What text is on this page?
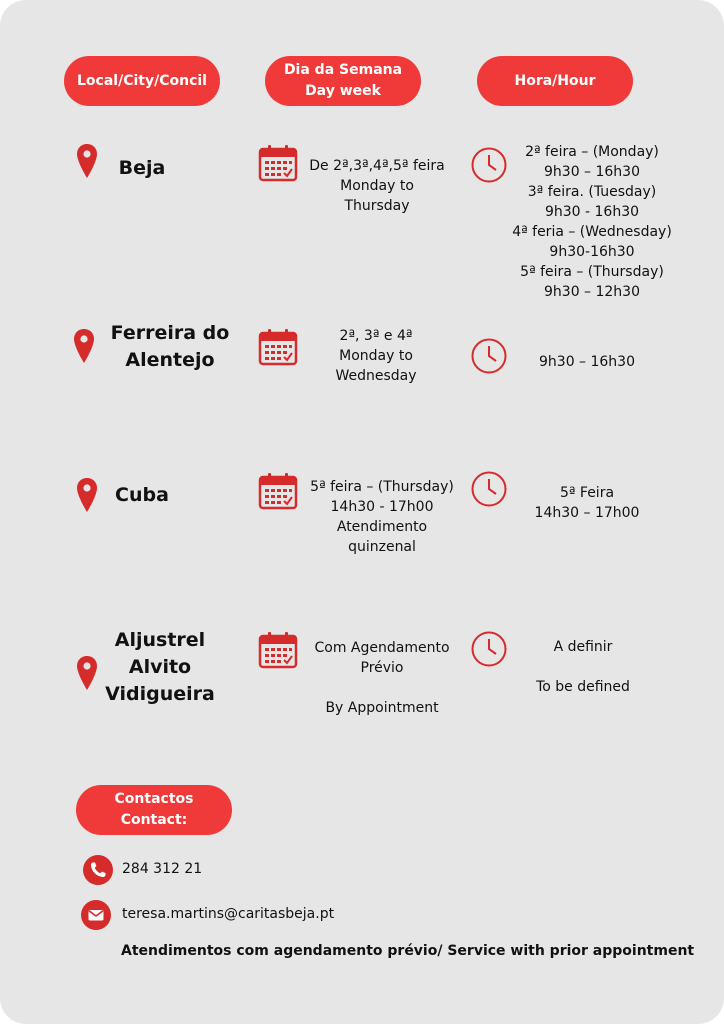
Local/City/Concil
Dia da Semana
Day week
Hora/Hour
Beja	De 2ª,3ª,4ª,5ª feira
Monday to
Thursday
2ª feira – (Monday)
9h30 – 16h30
3ª feira. (Tuesday)
9h30 - 16h30
4ª feria – (Wednesday)
9h30-16h30
5ª feira – (Thursday)
9h30 – 12h30
Ferreira do
Alentejo
2ª, 3ª e 4ª
Monday to
Wednesday
9h30 – 16h30
Cuba	5ª feira – (Thursday)
14h30 - 17h00
Atendimento
quinzenal
5ª Feira
14h30 – 17h00
Aljustrel
Alvito
Vidigueira
Com Agendamento
Prévio

By Appointment
A definir

To be defined
Contactos
Contact:
284 312 21
teresa.martins@caritasbeja.pt
Atendimentos com agendamento prévio/ Service with prior appointment
